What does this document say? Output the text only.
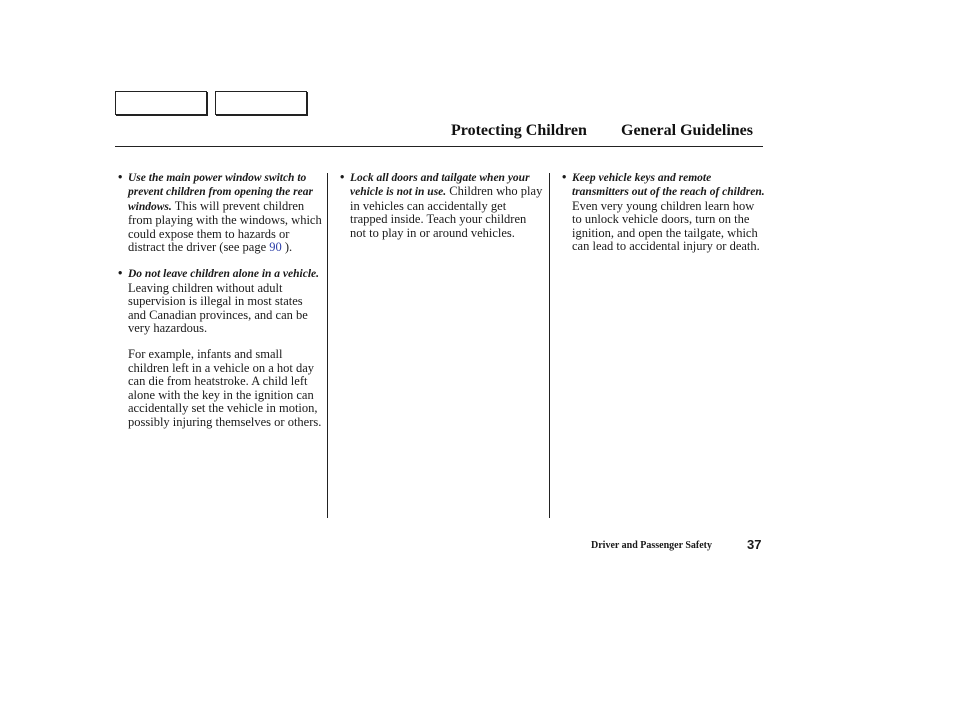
Protecting Children General Guidelines
• Use the main power window switch to prevent children from opening the rear windows. This will prevent children from playing with the windows, which could expose them to hazards or distract the driver (see page 90 ).
• Do not leave children alone in a vehicle. Leaving children without adult supervision is illegal in most states and Canadian provinces, and can be very hazardous.
For example, infants and small children left in a vehicle on a hot day can die from heatstroke. A child left alone with the key in the ignition can accidentally set the vehicle in motion, possibly injuring themselves or others.
• Lock all doors and tailgate when your vehicle is not in use. Children who play in vehicles can accidentally get trapped inside. Teach your children not to play in or around vehicles.
• Keep vehicle keys and remote transmitters out of the reach of children. Even very young children learn how to unlock vehicle doors, turn on the ignition, and open the tailgate, which can lead to accidental injury or death.
Driver and Passenger Safety	37
